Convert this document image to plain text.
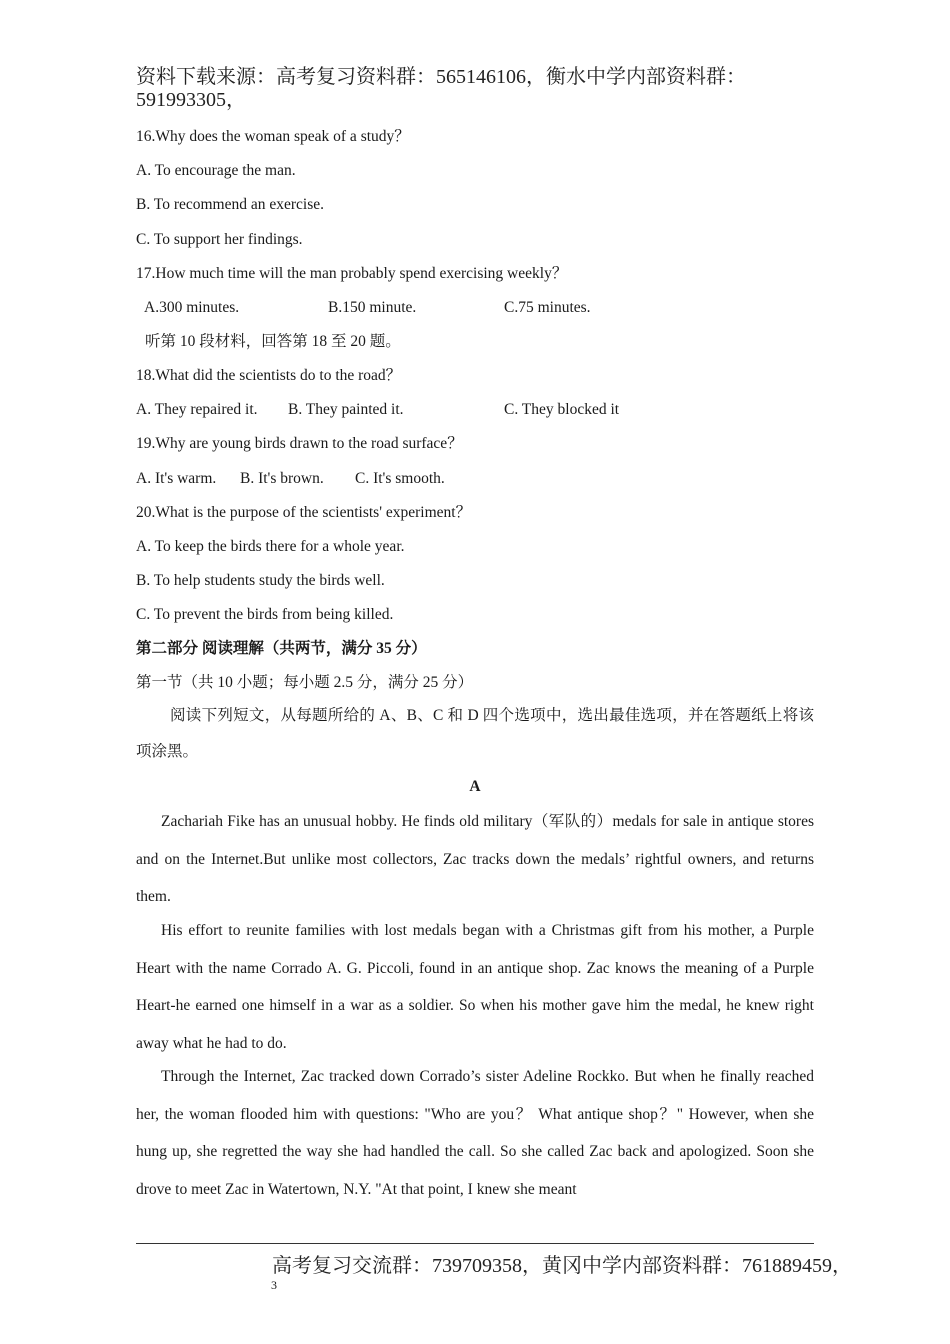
资料下载来源：高考复习资料群：565146106，衡水中学内部资料群：591993305，
16.Why does the woman speak of a study？
A. To encourage the man.
B. To recommend an exercise.
C. To support her findings.
17.How much time will the man probably spend exercising weekly？
A.300 minutes.	B.150 minute.	C.75 minutes.
听第 10 段材料，回答第 18 至 20 题。
18.What did the scientists do to the road？
A. They repaired it. B. They painted it.	C. They blocked it
19.Why are young birds drawn to the road surface？
A. It's warm. B. It's brown. C. It's smooth.
20.What is the purpose of the scientists' experiment？
A. To keep the birds there for a whole year.
B. To help students study the birds well.
C. To prevent the birds from being killed.
第二部分 阅读理解（共两节，满分 35 分）
第一节（共 10 小题；每小题 2.5 分，满分 25 分）
阅读下列短文，从每题所给的 A、B、C 和 D 四个选项中，选出最佳选项，并在答题纸上将该项涂黑。
A
Zachariah Fike has an unusual hobby. He finds old military（军队的）medals for sale in antique stores and on the Internet.But unlike most collectors, Zac tracks down the medals’ rightful owners, and returns them.
His effort to reunite families with lost medals began with a Christmas gift from his mother, a Purple Heart with the name Corrado A. G. Piccoli, found in an antique shop. Zac knows the meaning of a Purple Heart-he earned one himself in a war as a soldier. So when his mother gave him the medal, he knew right away what he had to do.
Through the Internet, Zac tracked down Corrado’s sister Adeline Rockko. But when he finally reached her, the woman flooded him with questions: "Who are you？ What antique shop？" However, when she hung up, she regretted the way she had handled the call. So she called Zac back and apologized. Soon she drove to meet Zac in Watertown, N.Y. "At that point, I knew she meant
高考复习交流群：739709358，黄冈中学内部资料群：761889459，
3
